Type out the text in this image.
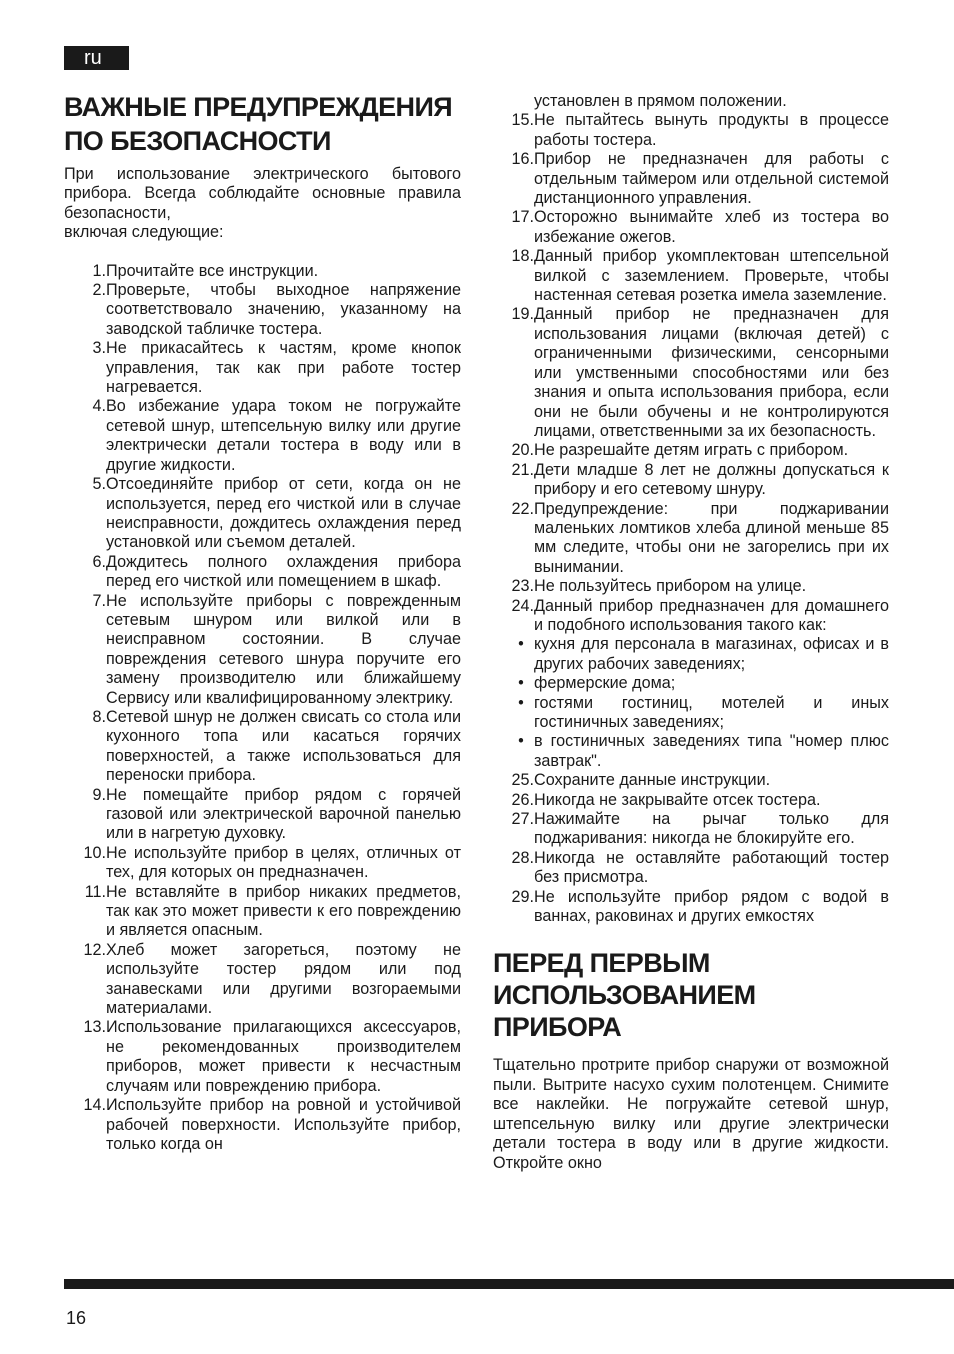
ru
ВАЖНЫЕ ПРЕДУПРЕЖДЕНИЯ
ПО БЕЗОПАСНОСТИ

При использование электрического бытового прибора. Всегда соблюдайте основные правила безопасности,

включая следующие:

1. Прочитайте все инструкции.
2. Проверьте, чтобы выходное напряжение соответствовало значению, указанному на заводской табличке тостера.
3. Не прикасайтесь к частям, кроме кнопок управления, так как при работе тостер нагревается.
4. Во избежание удара током не погружайте сетевой шнур, штепсельную вилку или другие электрически детали тостера в воду или в другие жидкости.
5. Отсоединяйте прибор от сети, когда он не используется, перед его чисткой или в случае неисправности, дождитесь охлаждения перед установкой или съемом деталей.
6. Дождитесь полного охлаждения прибора перед его чисткой или помещением в шкаф.
7. Не используйте приборы с поврежденным сетевым шнуром или вилкой или в неисправном состоянии. В случае повреждения сетевого шнура поручите его замену производителю или ближайшему Сервису или квалифицированному электрику.
8. Сетевой шнур не должен свисать со стола или кухонного топа или касаться горячих поверхностей, а также использоваться для переноски прибора.
9. Не помещайте прибор рядом с горячей газовой или электрической варочной панелью или в нагретую духовку.
10. Не используйте прибор в целях, отличных от тех, для которых он предназначен.
11. Не вставляйте в прибор никаких предметов, так как это может привести к его повреждению и является опасным.
12. Хлеб может загореться, поэтому не используйте тостер рядом или под занавесками или другими возгораемыми материалами.
13. Использование прилагающихся аксессуаров, не рекомендованных производителем приборов, может привести к несчастным случаям или повреждению прибора.
14. Используйте прибор на ровной и устойчивой рабочей поверхности. Используйте прибор, только когда он
установлен в прямом положении.
15. Не пытайтесь вынуть продукты в процессе работы тостера.
16. Прибор не предназначен для работы с отдельным таймером или отдельной системой дистанционного управления.
17. Осторожно вынимайте хлеб из тостера во избежание ожегов.
18. Данный прибор укомплектован штепсельной вилкой с заземлением. Проверьте, чтобы настенная сетевая розетка имела заземление.
19. Данный прибор не предназначен для использования лицами (включая детей) с ограниченными физическими, сенсорными или умственными способностями или без знания и опыта использования прибора, если они не были обучены и не контролируются лицами, ответственными за их безопасность.
20. Не разрешайте детям играть с прибором.
21. Дети младше 8 лет не должны допускаться к прибору и его сетевому шнуру.
22. Предупреждение: при поджаривании маленьких ломтиков хлеба длиной меньше 85 мм следите, чтобы они не загорелись при их вынимании.
23. Не пользуйтесь прибором на улице.
24. Данный прибор предназначен для домашнего и подобного использования такого как:
• кухня для персонала в магазинах, офисах и в других рабочих заведениях;
• фермерские дома;
• гостями гостиниц, мотелей и иных гостиничных заведениях;
• в гостиничных заведениях типа "номер плюс завтрак".
25. Сохраните данные инструкции.
26. Никогда не закрывайте отсек тостера.
27. Нажимайте на рычаг только для поджаривания: никогда не блокируйте его.
28. Никогда не оставляйте работающий тостер без присмотра.
29. Не используйте прибор рядом с водой в ваннах, раковинах и других емкостях
ПЕРЕД ПЕРВЫМ
ИСПОЛЬЗОВАНИЕМ
ПРИБОРА
Тщательно протрите прибор снаружи от возможной пыли. Вытрите насухо сухим полотенцем. Снимите все наклейки. Не погружайте сетевой шнур, штепсельную вилку или другие электрически детали тостера в воду или в другие жидкости. Откройте окно
16
